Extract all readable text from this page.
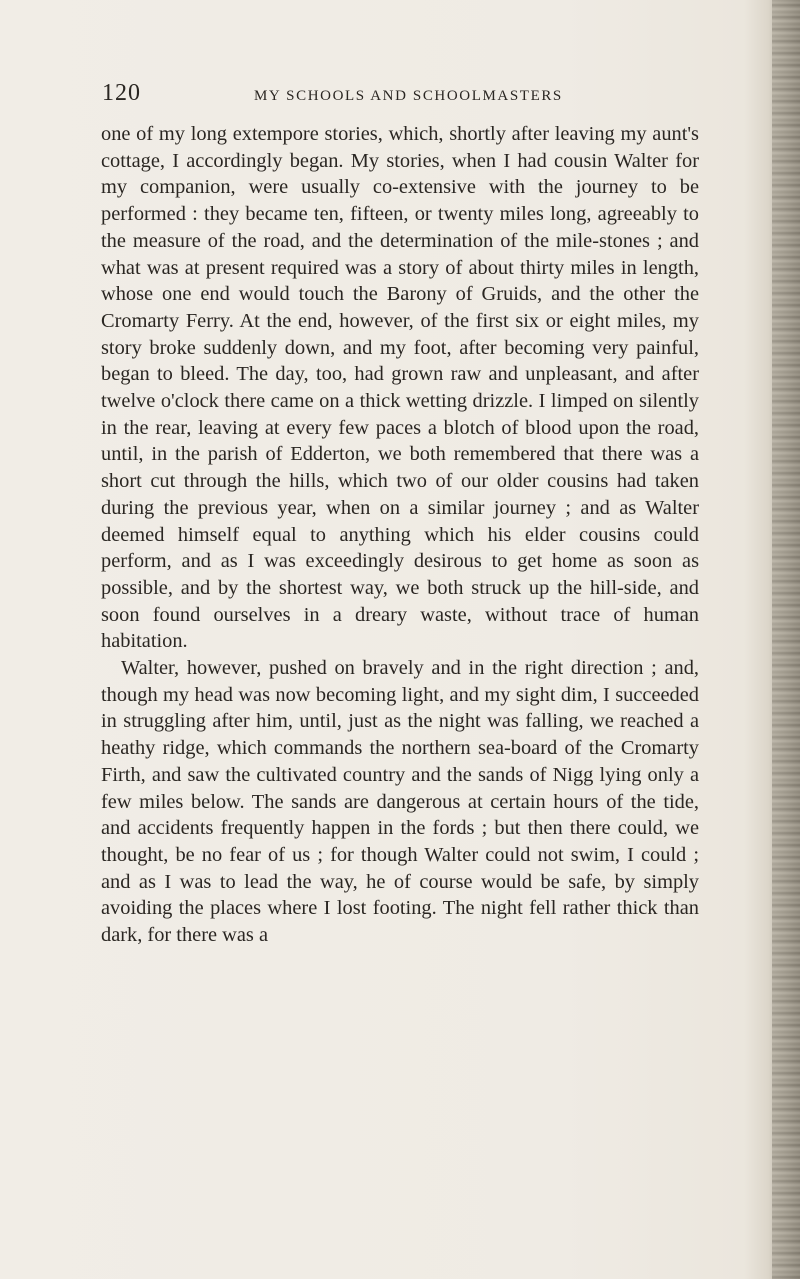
120	MY SCHOOLS AND SCHOOLMASTERS

one of my long extempore stories, which, shortly after leaving my aunt's cottage, I accordingly began. My stories, when I had cousin Walter for my companion, were usually co-extensive with the journey to be performed : they became ten, fifteen, or twenty miles long, agreeably to the measure of the road, and the determination of the mile-stones ; and what was at present required was a story of about thirty miles in length, whose one end would touch the Barony of Gruids, and the other the Cromarty Ferry. At the end, however, of the first six or eight miles, my story broke suddenly down, and my foot, after becoming very painful, began to bleed. The day, too, had grown raw and unpleasant, and after twelve o'clock there came on a thick wetting drizzle. I limped on silently in the rear, leaving at every few paces a blotch of blood upon the road, until, in the parish of Edderton, we both remembered that there was a short cut through the hills, which two of our older cousins had taken during the previous year, when on a similar journey ; and as Walter deemed himself equal to anything which his elder cousins could perform, and as I was exceedingly desirous to get home as soon as possible, and by the shortest way, we both struck up the hill-side, and soon found ourselves in a dreary waste, without trace of human habitation.

Walter, however, pushed on bravely and in the right direction ; and, though my head was now becoming light, and my sight dim, I succeeded in struggling after him, until, just as the night was falling, we reached a heathy ridge, which commands the northern sea-board of the Cromarty Firth, and saw the cultivated country and the sands of Nigg lying only a few miles below. The sands are dangerous at certain hours of the tide, and accidents frequently happen in the fords ; but then there could, we thought, be no fear of us ; for though Walter could not swim, I could ; and as I was to lead the way, he of course would be safe, by simply avoiding the places where I lost footing. The night fell rather thick than dark, for there was a
